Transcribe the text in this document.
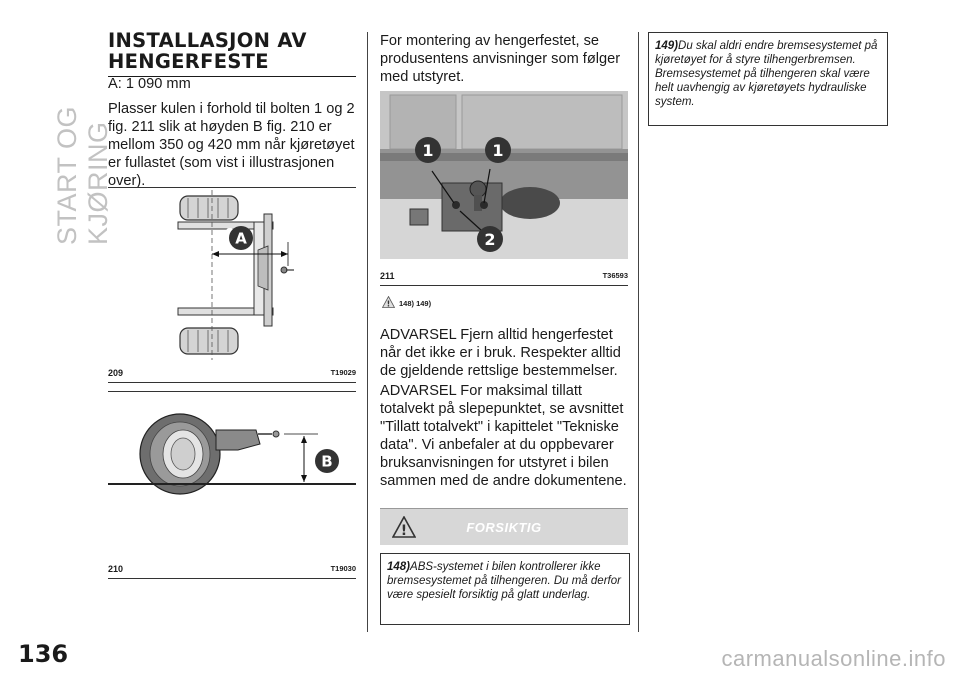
START OG KJØRING
INSTALLASJON AV HENGERFESTE

A: 1 090 mm

Plasser kulen i forhold til bolten 1 og 2 fig. 211 slik at høyden B fig. 210 er mellom 350 og 420 mm når kjøretøyet er fullastet (som vist i illustrasjonen over).

A
209	T19029
B
210	T19030

For montering av hengerfestet, se produsentens anvisninger som følger med utstyret.

1	1
2
211	T36593
! 148) 149)

ADVARSEL Fjern alltid hengerfestet når det ikke er i bruk. Respekter alltid de gjeldende rettslige bestemmelser.

ADVARSEL For maksimal tillatt totalvekt på slepepunktet, se avsnittet "Tillatt totalvekt" i kapittelet "Tekniske data". Vi anbefaler at du oppbevarer bruksanvisningen for utstyret i bilen sammen med de andre dokumentene.

!	FORSIKTIG
148)ABS-systemet i bilen kontrollerer ikke bremsesystemet på tilhengeren. Du må derfor være spesielt forsiktig på glatt underlag.
149)Du skal aldri endre bremsesystemet på kjøretøyet for å styre tilhengerbremsen. Bremsesystemet på tilhengeren skal være helt uavhengig av kjøretøyets hydrauliske system.
136	carmanualsonline.info
